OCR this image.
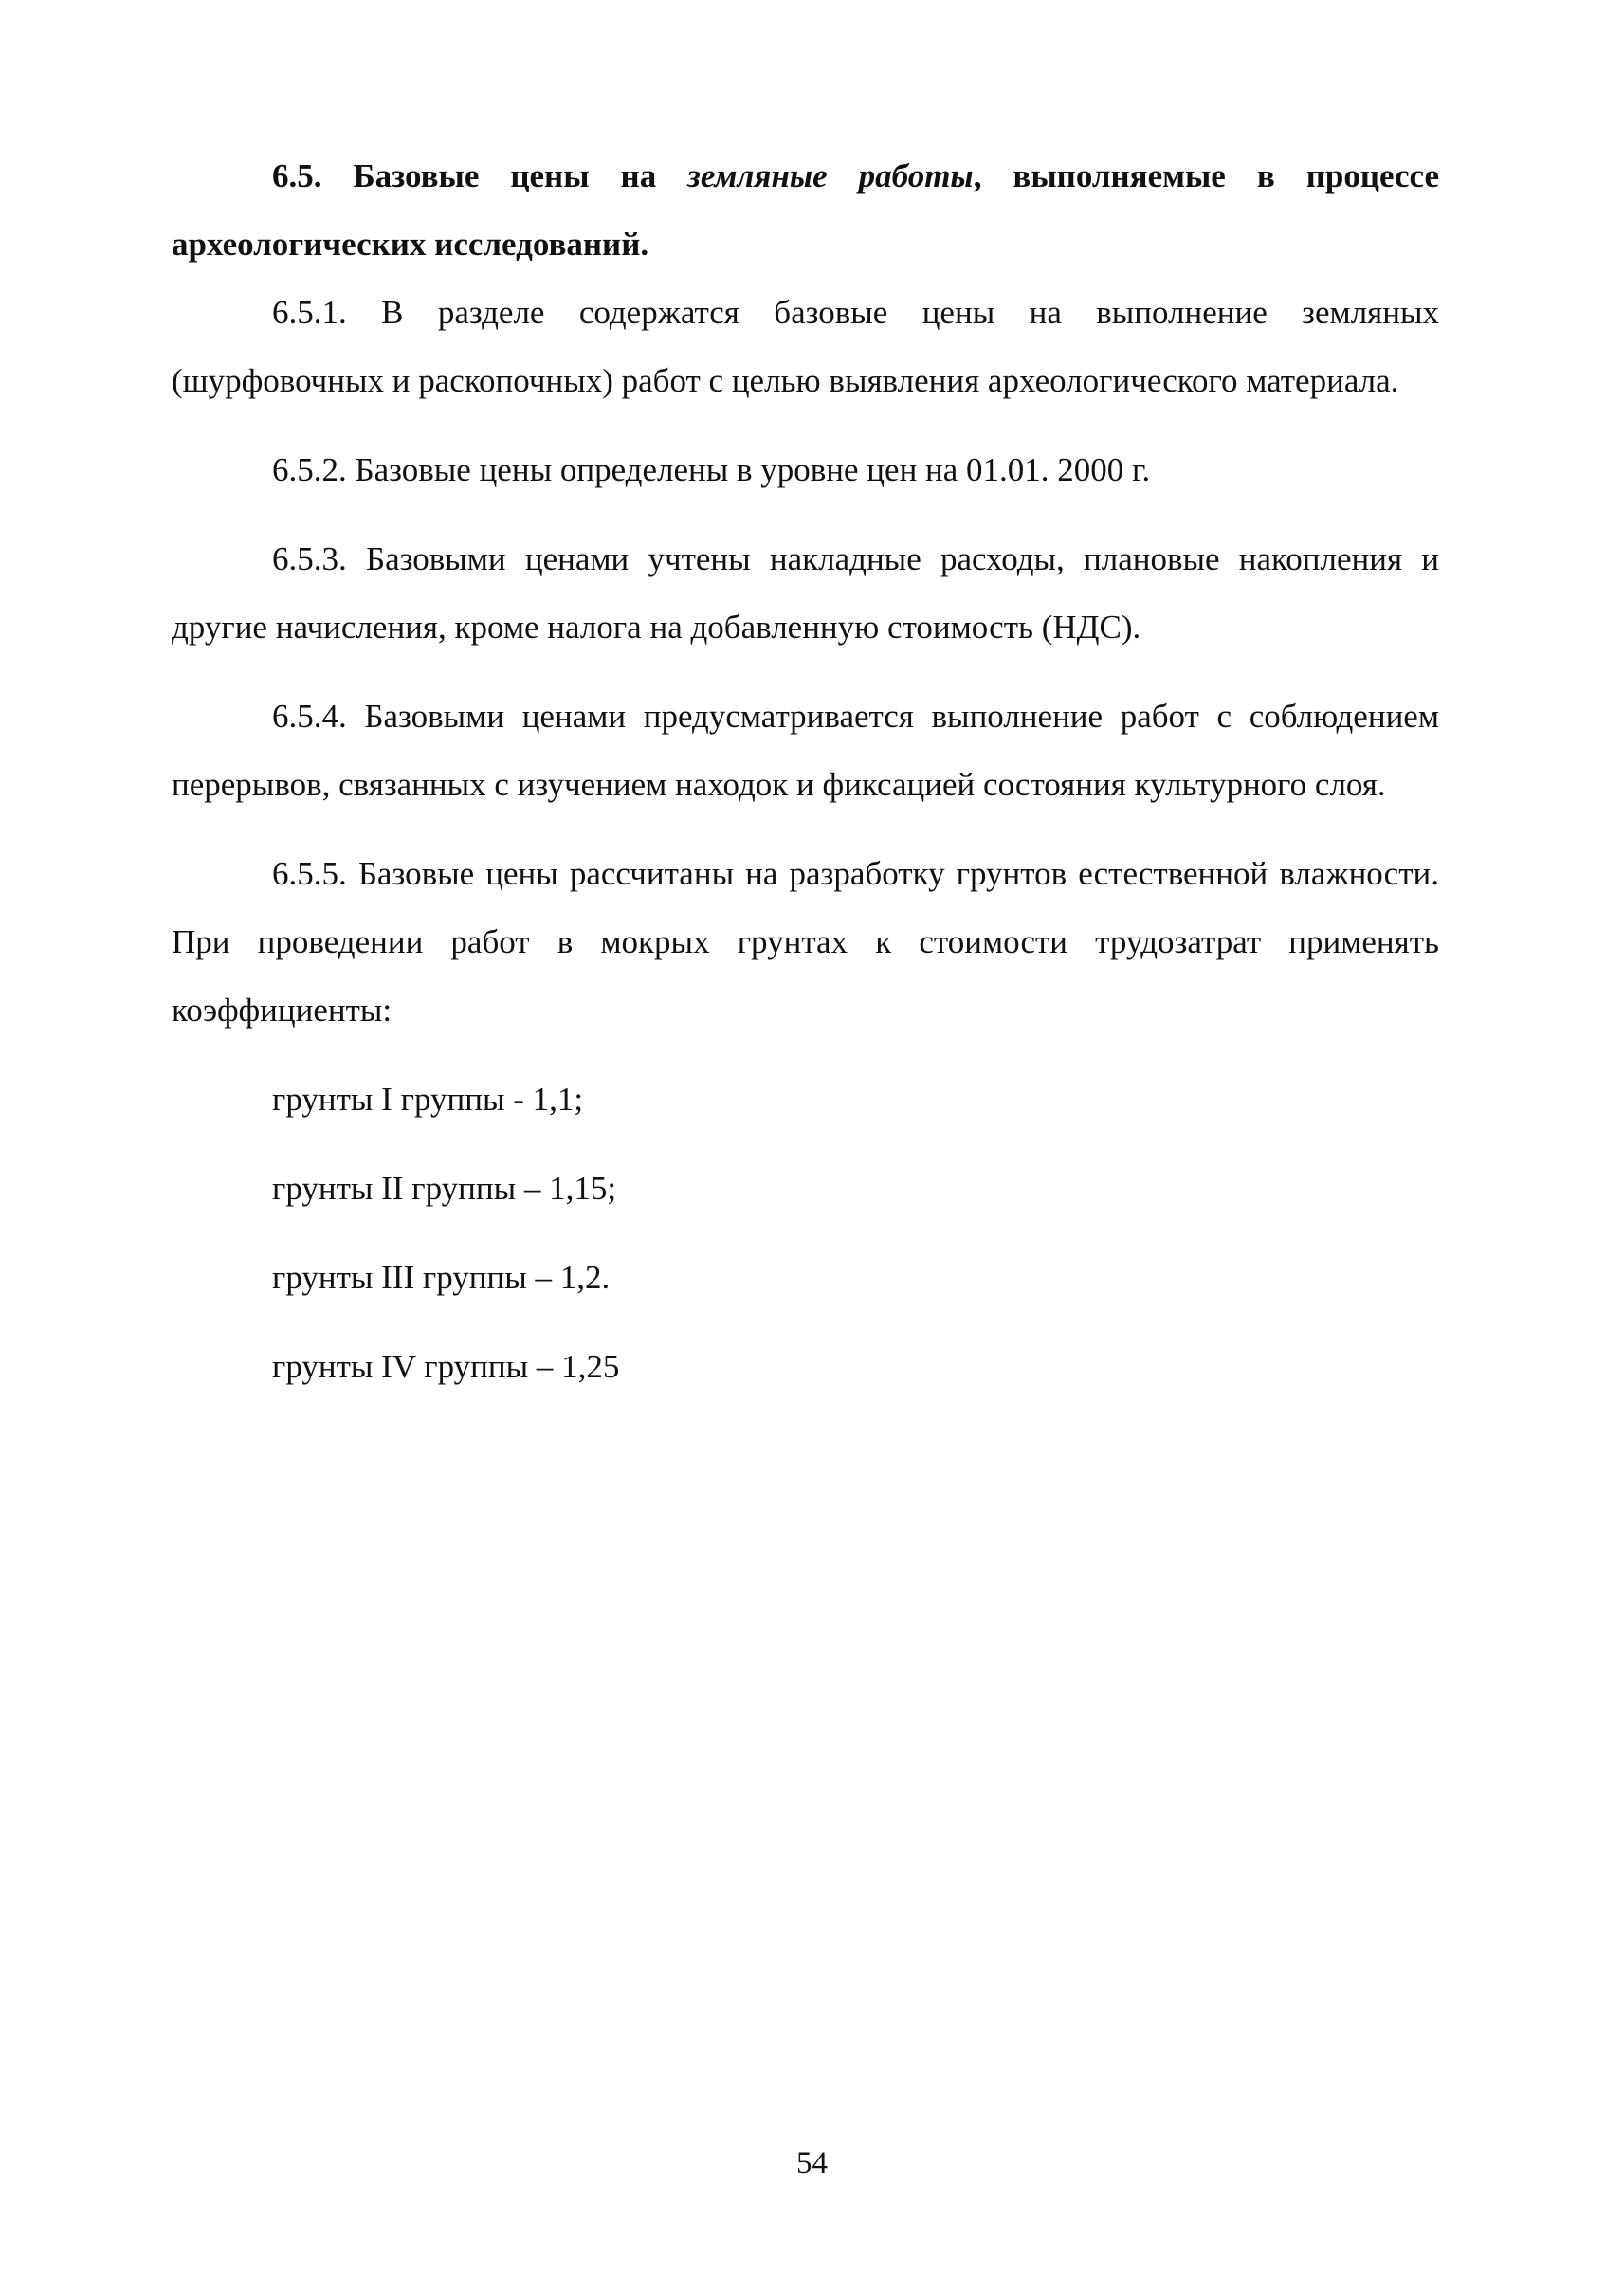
6.5. Базовые цены на земляные работы, выполняемые в процессе археологических исследований.

6.5.1. В разделе содержатся базовые цены на выполнение земляных (шурфовочных и раскопочных) работ с целью выявления археологического материала.

6.5.2. Базовые цены определены в уровне цен на 01.01. 2000 г.

6.5.3. Базовыми ценами учтены накладные расходы, плановые накопления и другие начисления, кроме налога на добавленную стоимость (НДС).

6.5.4. Базовыми ценами предусматривается выполнение работ с соблюдением перерывов, связанных с изучением находок и фиксацией состояния культурного слоя.

6.5.5. Базовые цены рассчитаны на разработку грунтов естественной влажности. При проведении работ в мокрых грунтах к стоимости трудозатрат применять коэффициенты:

грунты I группы - 1,1;
грунты II группы – 1,15;
грунты III группы – 1,2.
грунты IV группы – 1,25
54
